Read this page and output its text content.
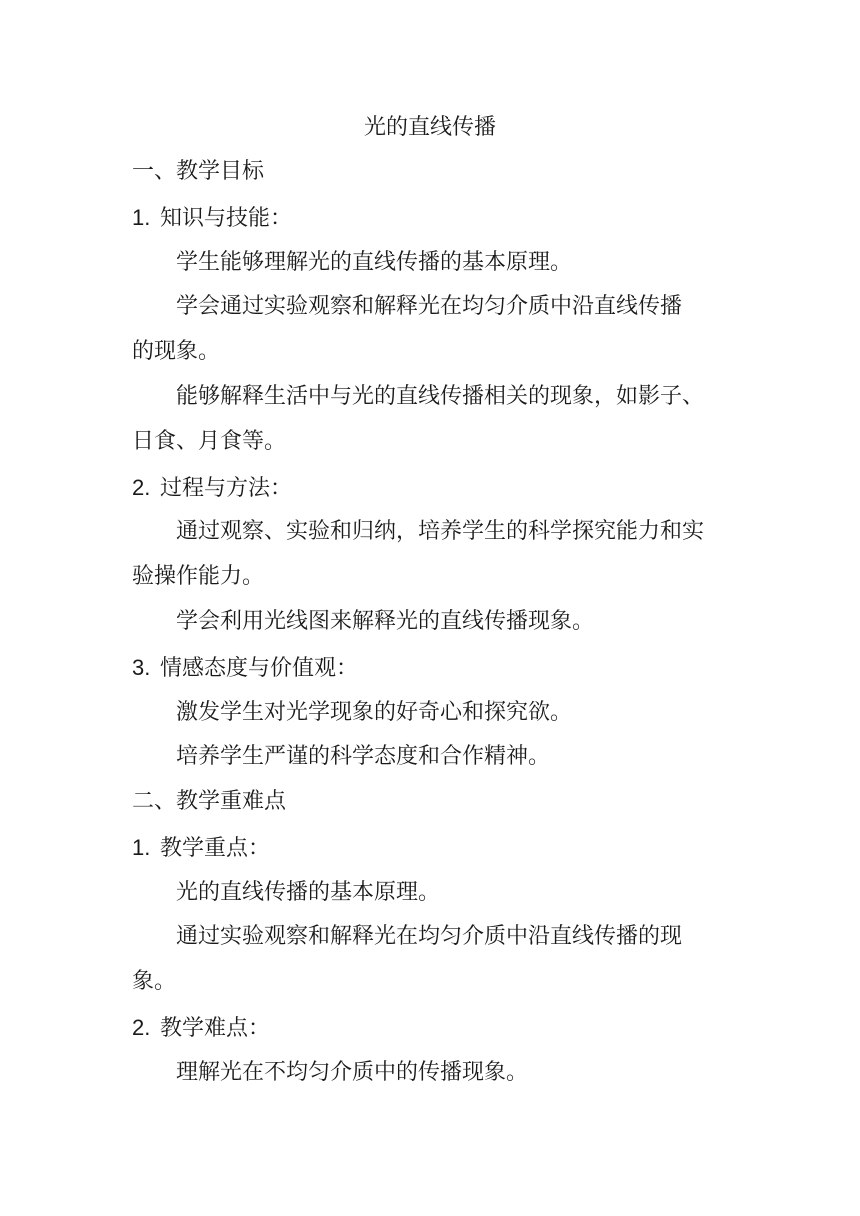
光的直线传播
一、教学目标
1. 知识与技能：
学生能够理解光的直线传播的基本原理。
学会通过实验观察和解释光在均匀介质中沿直线传播
的现象。
能够解释生活中与光的直线传播相关的现象，如影子、
日食、月食等。
2. 过程与方法：
通过观察、实验和归纳，培养学生的科学探究能力和实
验操作能力。
学会利用光线图来解释光的直线传播现象。
3. 情感态度与价值观：
激发学生对光学现象的好奇心和探究欲。
培养学生严谨的科学态度和合作精神。
二、教学重难点
1. 教学重点：
光的直线传播的基本原理。
通过实验观察和解释光在均匀介质中沿直线传播的现
象。
2. 教学难点：
理解光在不均匀介质中的传播现象。
